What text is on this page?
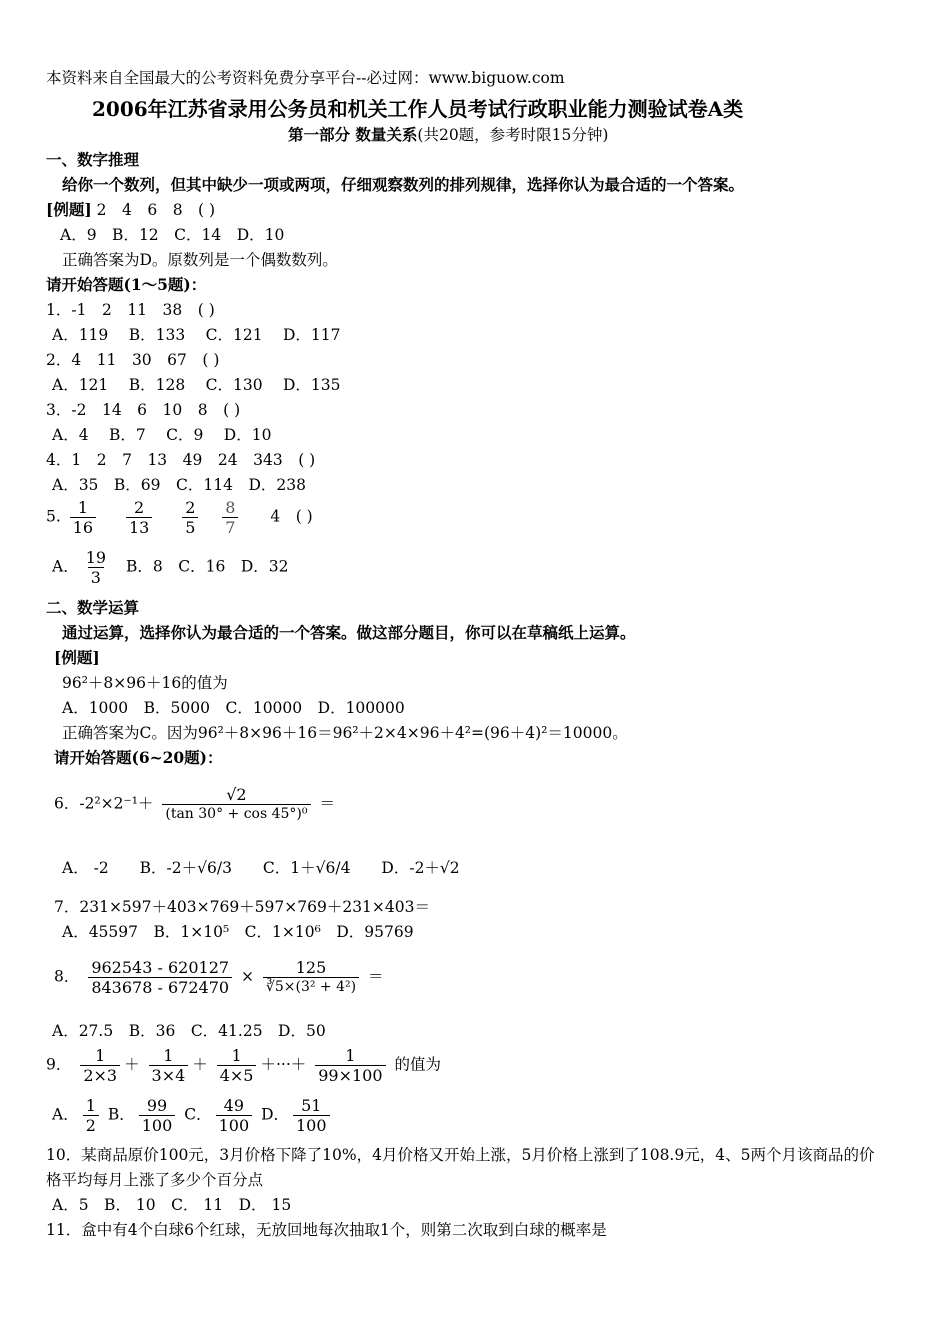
本资料来自全国最大的公考资料免费分享平台--必过网：www.biguow.com
2006年江苏省录用公务员和机关工作人员考试行政职业能力测验试卷A类
第一部分 数量关系(共20题，参考时限15分钟)
一、数字推理
给你一个数列，但其中缺少一项或两项，仔细观察数列的排列规律，选择你认为最合适的一个答案。
[例题] 2　4　6　8　( )
A．9　B．12　C．14　D．10
正确答案为D。原数列是一个偶数数列。
请开始答题(1～5题)：
1．-1　2　11　38　( )
A．119　 B．133　 C．121　 D．117
2．4　11　30　67　( )
A．121　 B．128　 C．130　 D．135
3．-2　14　6　10　8　( )
A．4　 B．7　 C．9　 D．10
4．1　2　7　13　49　24　343　( )
A．35　B．69　C．114　D．238
5. $\frac{1}{16}$
$\frac{2}{13}$
$\frac{2}{5}$
$\frac{8}{7} 4$　( )
A． $\frac{19}{3}$ B．8　C．16　D．32
二、数学运算
通过运算，选择你认为最合适的一个答案。做这部分题目，你可以在草稿纸上运算。
[例题]
96²＋8×96＋16的值为
A．1000　B．5000　C．10000　D．100000
正确答案为C。因为96²＋8×96＋16＝96²＋2×4×96＋4²=(96＋4)²＝10000。
请开始答题(6~20题)：
6．$-2^2\times 2^{-1}+ \frac{√2}{\text{(tan 30° + cos 45°)⁰}}$ ＝
A． -2 B．-2＋√6/3 C．1＋√6/4 D．-2＋√2
7．231×597＋403×769＋597×769＋231×403＝
A．45597　B．1×10⁵　C．1×10⁶　D．95769
8． $\frac{962543 - 620127}{843678 - 672470} \times \frac{125}{\text{∛5×(3² + 4²)}}$ ＝
A．27.5　B．36　C．41.25　D．50
9． $\frac{1}{2\times 3} + \frac{1}{3\times 4} + \frac{1}{4\times 5}$ ＋···＋ $\frac{1}{99\times 100}$ 的值为
A． $\frac{1}{2}$ B． $\frac{99}{100}$ C． $\frac{49}{100}$ D． $\frac{51}{100}$
10．某商品原价100元，3月价格下降了10%，4月价格又开始上涨，5月价格上涨到了108.9元，4、5两个月该商品的价
格平均每月上涨了多少个百分点
A．5　B． 10　C． 11　D． 15
11．盒中有4个白球6个红球，无放回地每次抽取1个，则第二次取到白球的概率是
